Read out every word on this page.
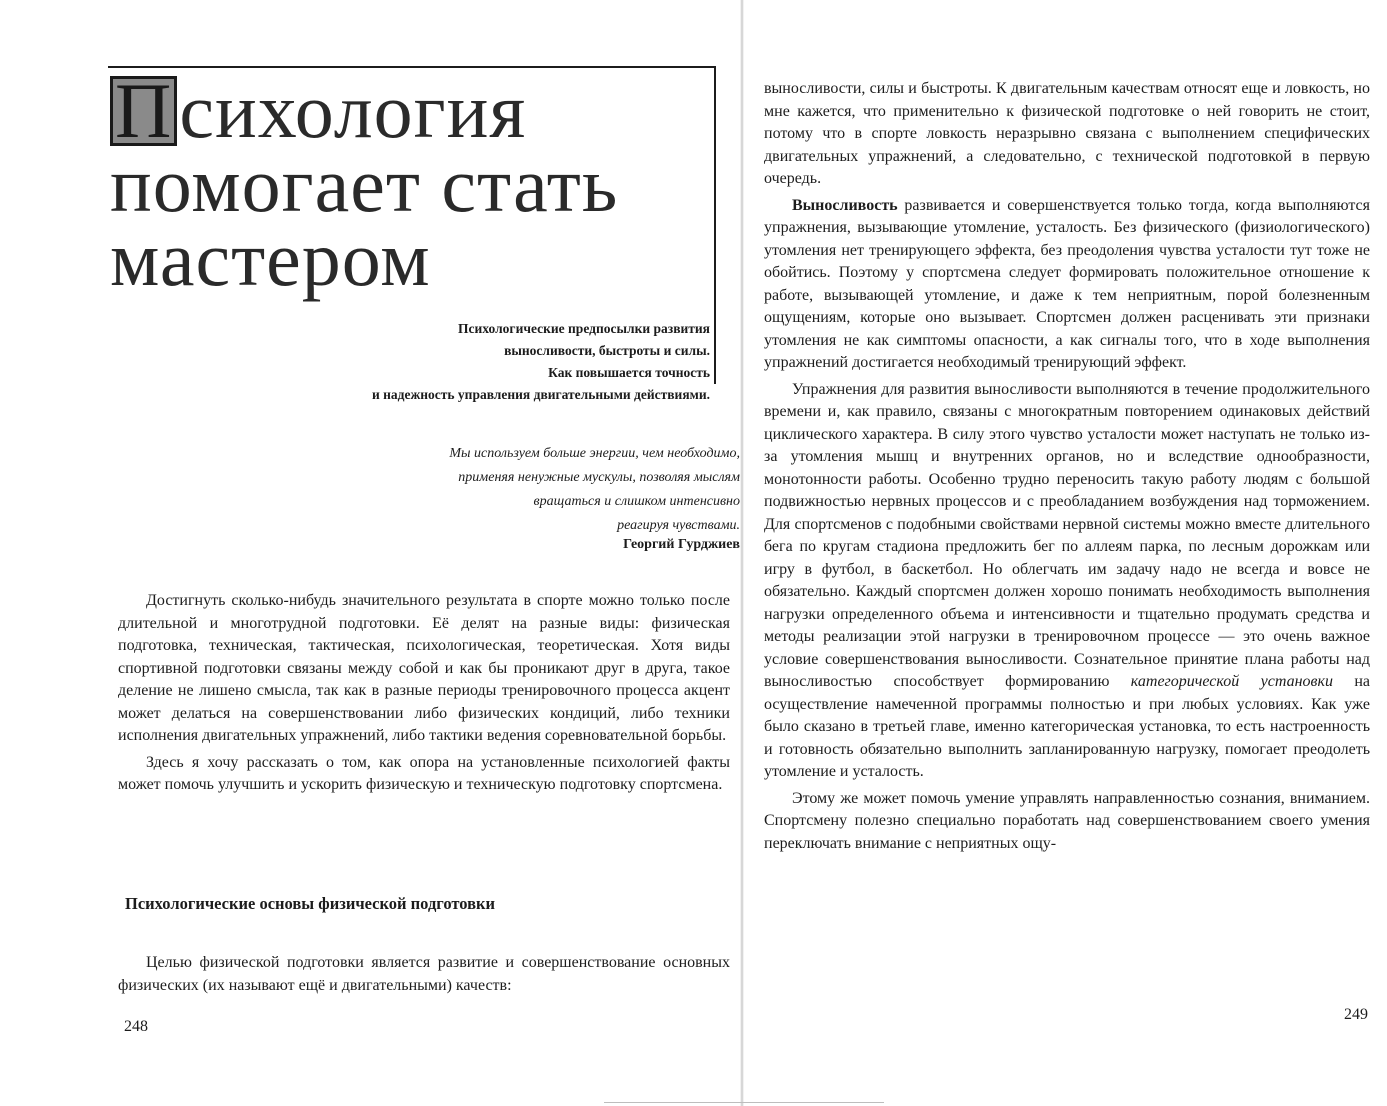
Психология
помогает стать
мастером

Психологические предпосылки развития
выносливости, быстроты и силы.
Как повышается точность
и надежность управления двигательными действиями.

Мы используем больше энергии, чем необходимо,
применяя ненужные мускулы, позволяя мыслям
вращаться и слишком интенсивно
реагируя чувствами.

Георгий Гурджиев

Достигнуть сколько-нибудь значительного результата в спорте можно только после длительной и многотрудной подготовки. Её делят на разные виды: физическая подготовка, техническая, тактическая, психологическая, теоретическая. Хотя виды спортивной подготовки связаны между собой и как бы проникают друг в друга, такое деление не лишено смысла, так как в разные периоды тренировочного процесса акцент может делаться на совершенствовании либо физических кондиций, либо техники исполнения двигательных упражнений, либо тактики ведения соревновательной борьбы.

Здесь я хочу рассказать о том, как опора на установленные психологией факты может помочь улучшить и ускорить физическую и техническую подготовку спортсмена.

Психологические основы физической подготовки

Целью физической подготовки является развитие и совершенствование основных физических (их называют ещё и двигательными) качеств:

248

выносливости, силы и быстроты. К двигательным качествам относят еще и ловкость, но мне кажется, что применительно к физической подготовке о ней говорить не стоит, потому что в спорте ловкость неразрывно связана с выполнением специфических двигательных упражнений, а следовательно, с технической подготовкой в первую очередь.

Выносливость развивается и совершенствуется только тогда, когда выполняются упражнения, вызывающие утомление, усталость. Без физического (физиологического) утомления нет тренирующего эффекта, без преодоления чувства усталости тут тоже не обойтись. Поэтому у спортсмена следует формировать положительное отношение к работе, вызывающей утомление, и даже к тем неприятным, порой болезненным ощущениям, которые оно вызывает. Спортсмен должен расценивать эти признаки утомления не как симптомы опасности, а как сигналы того, что в ходе выполнения упражнений достигается необходимый тренирующий эффект.

Упражнения для развития выносливости выполняются в течение продолжительного времени и, как правило, связаны с многократным повторением одинаковых действий циклического характера. В силу этого чувство усталости может наступать не только из-за утомления мышц и внутренних органов, но и вследствие однообразности, монотонности работы. Особенно трудно переносить такую работу людям с большой подвижностью нервных процессов и с преобладанием возбуждения над торможением. Для спортсменов с подобными свойствами нервной системы можно вместе длительного бега по кругам стадиона предложить бег по аллеям парка, по лесным дорожкам или игру в футбол, в баскетбол. Но облегчать им задачу надо не всегда и вовсе не обязательно. Каждый спортсмен должен хорошо понимать необходимость выполнения нагрузки определенного объема и интенсивности и тщательно продумать средства и методы реализации этой нагрузки в тренировочном процессе — это очень важное условие совершенствования выносливости. Сознательное принятие плана работы над выносливостью способствует формированию категорической установки на осуществление намеченной программы полностью и при любых условиях. Как уже было сказано в третьей главе, именно категорическая установка, то есть настроенность и готовность обязательно выполнить запланированную нагрузку, помогает преодолеть утомление и усталость.

Этому же может помочь умение управлять направленностью сознания, вниманием. Спортсмену полезно специально поработать над совершенствованием своего умения переключать внимание с неприятных ощу-

249
